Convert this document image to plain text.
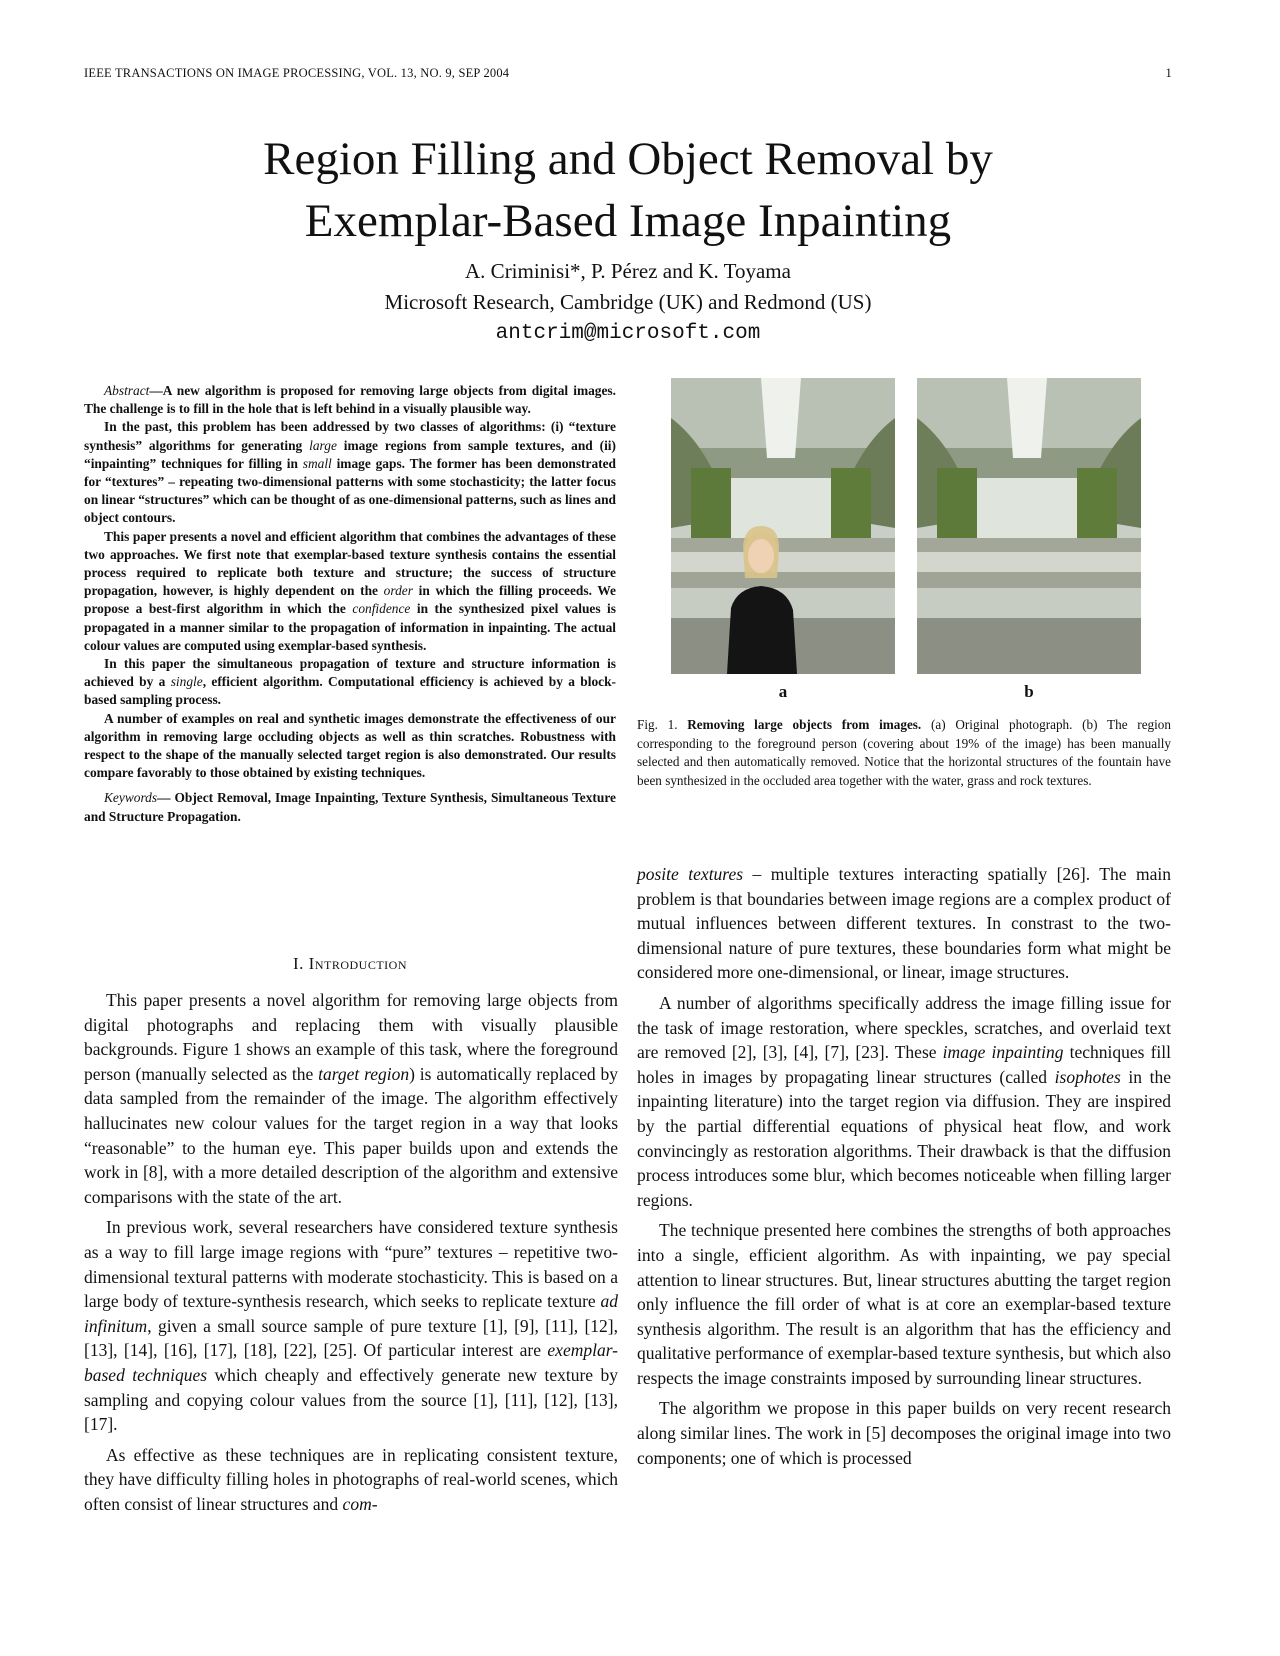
IEEE TRANSACTIONS ON IMAGE PROCESSING, VOL. 13, NO. 9, SEP 2004	1
Region Filling and Object Removal by
Exemplar-Based Image Inpainting
A. Criminisi*, P. Pérez and K. Toyama
Microsoft Research, Cambridge (UK) and Redmond (US)
antcrim@microsoft.com

Abstract—A new algorithm is proposed for removing large objects from digital images. The challenge is to fill in the hole that is left behind in a visually plausible way.

In the past, this problem has been addressed by two classes of algorithms: (i) “texture synthesis” algorithms for generating large image regions from sample textures, and (ii) “inpainting” techniques for filling in small image gaps. The former has been demonstrated for “textures” – repeating two-dimensional patterns with some stochasticity; the latter focus on linear “structures” which can be thought of as one-dimensional patterns, such as lines and object contours.

This paper presents a novel and efficient algorithm that combines the advantages of these two approaches. We first note that exemplar-based texture synthesis contains the essential process required to replicate both texture and structure; the success of structure propagation, however, is highly dependent on the order in which the filling proceeds. We propose a best-first algorithm in which the confidence in the synthesized pixel values is propagated in a manner similar to the propagation of information in inpainting. The actual colour values are computed using exemplar-based synthesis.

In this paper the simultaneous propagation of texture and structure information is achieved by a single, efficient algorithm. Computational efficiency is achieved by a block-based sampling process.

A number of examples on real and synthetic images demonstrate the effectiveness of our algorithm in removing large occluding objects as well as thin scratches. Robustness with respect to the shape of the manually selected target region is also demonstrated. Our results compare favorably to those obtained by existing techniques.

Keywords— Object Removal, Image Inpainting, Texture Synthesis, Simultaneous Texture and Structure Propagation.

I. Introduction

This paper presents a novel algorithm for removing large objects from digital photographs and replacing them with visually plausible backgrounds. Figure 1 shows an example of this task, where the foreground person (manually selected as the target region) is automatically replaced by data sampled from the remainder of the image. The algorithm effectively hallucinates new colour values for the target region in a way that looks “reasonable” to the human eye. This paper builds upon and extends the work in [8], with a more detailed description of the algorithm and extensive comparisons with the state of the art.

In previous work, several researchers have considered texture synthesis as a way to fill large image regions with “pure” textures – repetitive two-dimensional textural patterns with moderate stochasticity. This is based on a large body of texture-synthesis research, which seeks to replicate texture ad infinitum, given a small source sample of pure texture [1], [9], [11], [12], [13], [14], [16], [17], [18], [22], [25]. Of particular interest are exemplar-based techniques which cheaply and effectively generate new texture by sampling and copying colour values from the source [1], [11], [12], [13], [17].

As effective as these techniques are in replicating consistent texture, they have difficulty filling holes in photographs of real-world scenes, which often consist of linear structures and com-

a	b
Fig. 1. Removing large objects from images. (a) Original photograph. (b) The region corresponding to the foreground person (covering about 19% of the image) has been manually selected and then automatically removed. Notice that the horizontal structures of the fountain have been synthesized in the occluded area together with the water, grass and rock textures.

posite textures – multiple textures interacting spatially [26]. The main problem is that boundaries between image regions are a complex product of mutual influences between different textures. In constrast to the two-dimensional nature of pure textures, these boundaries form what might be considered more one-dimensional, or linear, image structures.

A number of algorithms specifically address the image filling issue for the task of image restoration, where speckles, scratches, and overlaid text are removed [2], [3], [4], [7], [23]. These image inpainting techniques fill holes in images by propagating linear structures (called isophotes in the inpainting literature) into the target region via diffusion. They are inspired by the partial differential equations of physical heat flow, and work convincingly as restoration algorithms. Their drawback is that the diffusion process introduces some blur, which becomes noticeable when filling larger regions.

The technique presented here combines the strengths of both approaches into a single, efficient algorithm. As with inpainting, we pay special attention to linear structures. But, linear structures abutting the target region only influence the fill order of what is at core an exemplar-based texture synthesis algorithm. The result is an algorithm that has the efficiency and qualitative performance of exemplar-based texture synthesis, but which also respects the image constraints imposed by surrounding linear structures.

The algorithm we propose in this paper builds on very recent research along similar lines. The work in [5] decomposes the original image into two components; one of which is processed
